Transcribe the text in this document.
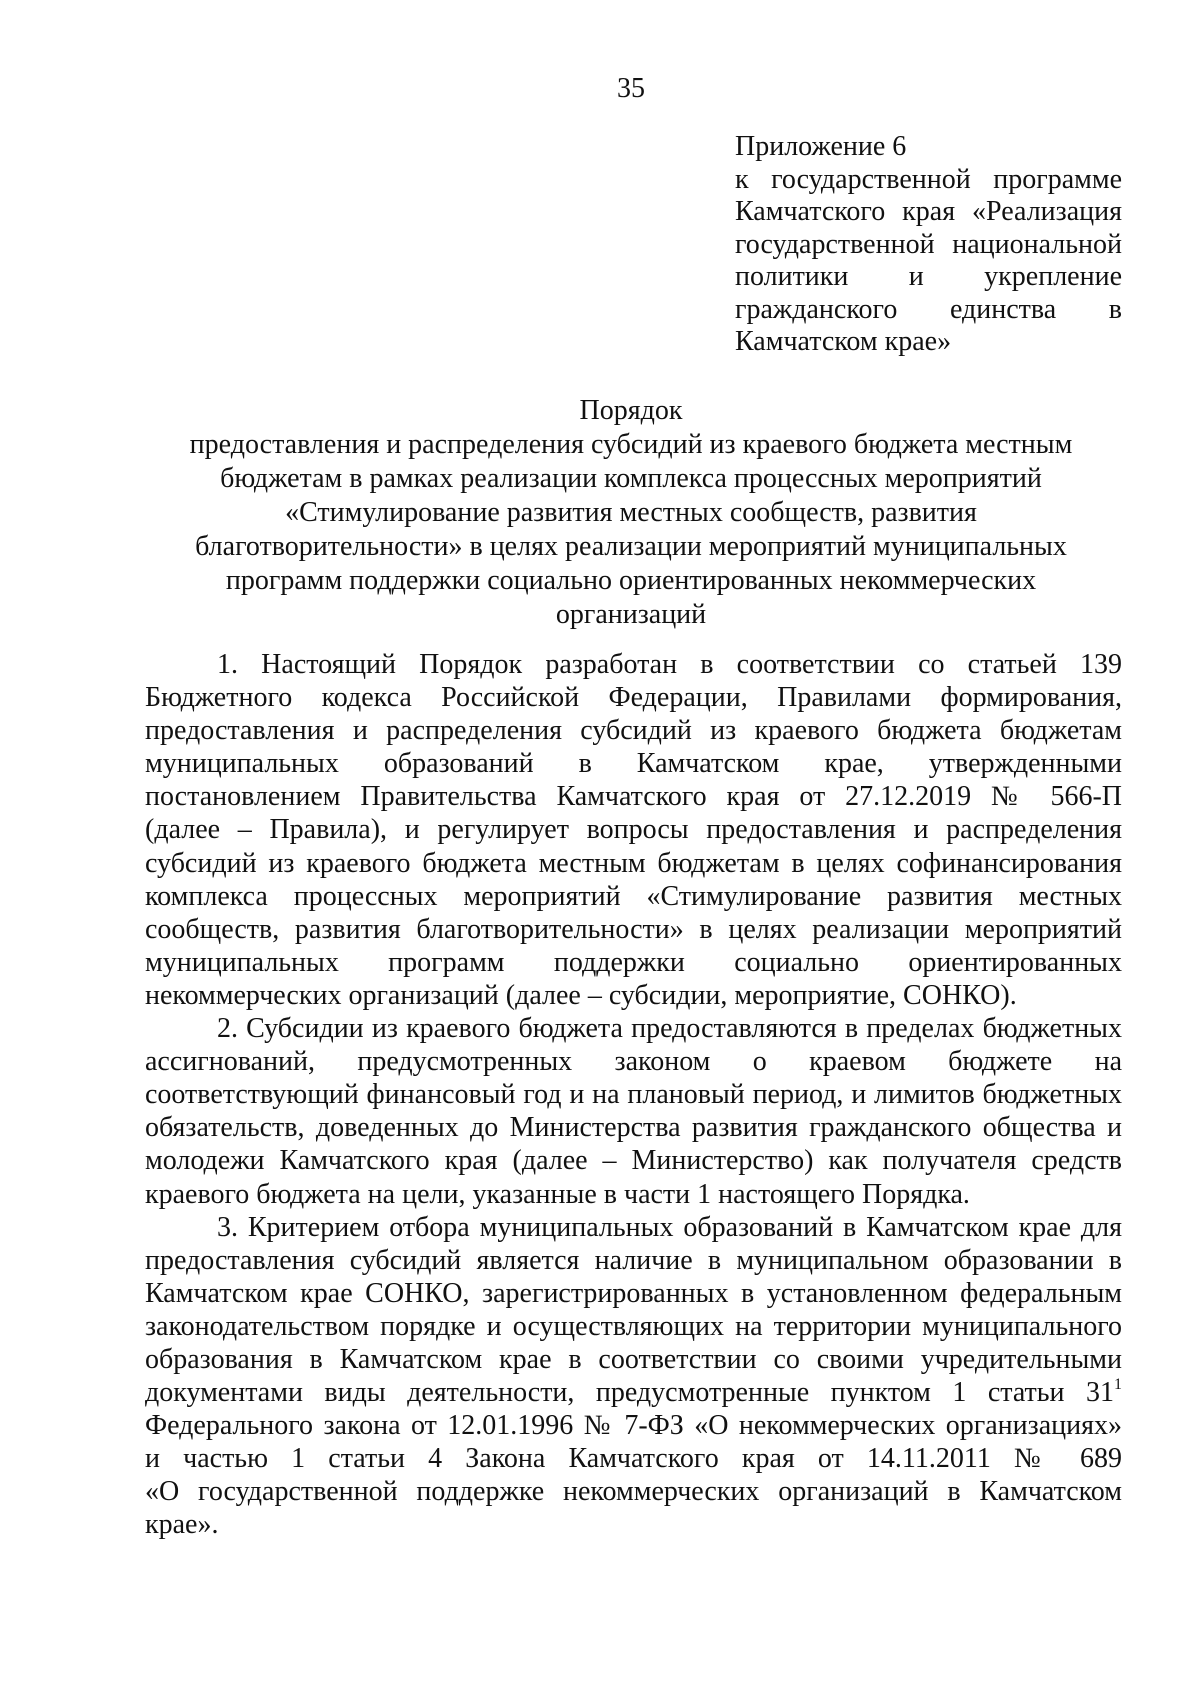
35
Приложение 6
к государственной программе
Камчатского края «Реализация
государственной национальной
политики и укрепление
гражданского единства в
Камчатском крае»
Порядок
предоставления и распределения субсидий из краевого бюджета местным
бюджетам в рамках реализации комплекса процессных мероприятий
«Стимулирование развития местных сообществ, развития
благотворительности» в целях реализации мероприятий муниципальных
программ поддержки социально ориентированных некоммерческих
организаций
1. Настоящий Порядок разработан в соответствии со статьей 139
Бюджетного кодекса Российской Федерации, Правилами формирования,
предоставления и распределения субсидий из краевого бюджета бюджетам
муниципальных образований в Камчатском крае, утвержденными
постановлением Правительства Камчатского края от 27.12.2019 № 566-П
(далее – Правила), и регулирует вопросы предоставления и распределения
субсидий из краевого бюджета местным бюджетам в целях софинансирования
комплекса процессных мероприятий «Стимулирование развития местных
сообществ, развития благотворительности» в целях реализации мероприятий
муниципальных программ поддержки социально ориентированных
некоммерческих организаций (далее – субсидии, мероприятие, СОНКО).
2. Субсидии из краевого бюджета предоставляются в пределах бюджетных
ассигнований, предусмотренных законом о краевом бюджете на
соответствующий финансовый год и на плановый период, и лимитов бюджетных
обязательств, доведенных до Министерства развития гражданского общества и
молодежи Камчатского края (далее – Министерство) как получателя средств
краевого бюджета на цели, указанные в части 1 настоящего Порядка.
3. Критерием отбора муниципальных образований в Камчатском крае для
предоставления субсидий является наличие в муниципальном образовании в
Камчатском крае СОНКО, зарегистрированных в установленном федеральным
законодательством порядке и осуществляющих на территории муниципального
образования в Камчатском крае в соответствии со своими учредительными
документами виды деятельности, предусмотренные пунктом 1 статьи $31^1$
Федерального закона от 12.01.1996 № 7-ФЗ «О некоммерческих организациях»
и частью 1 статьи 4 Закона Камчатского края от 14.11.2011 № 689
«О государственной поддержке некоммерческих организаций в Камчатском
крае».
